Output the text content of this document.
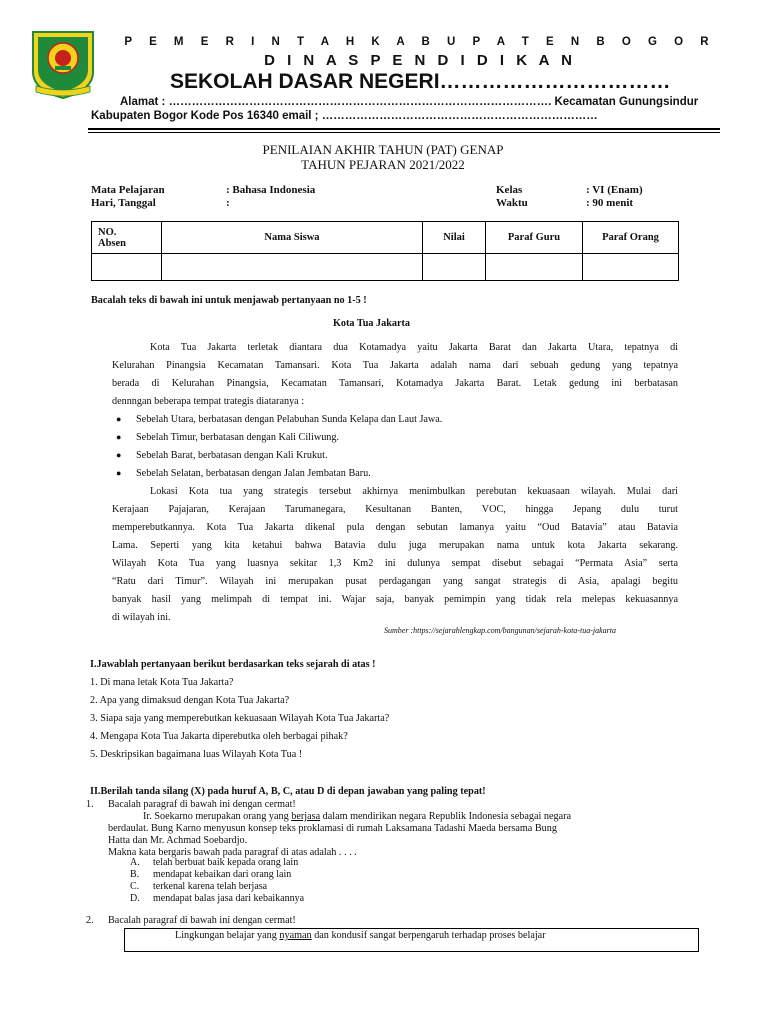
P E M E R I N T A H K A B U P A T E N B O G O R
D I N A S P E N D I D I K A N
SEKOLAH DASAR NEGERI……………………………
Alamat : ………………………………………………………………………………………. Kecamatan Gunungsindur
Kabupaten Bogor Kode Pos 16340 email ; ………………………………………………………………
PENILAIAN AKHIR TAHUN (PAT) GENAP
TAHUN PEJARAN 2021/2022
Mata Pelajaran	: Bahasa Indonesia
Hari, Tanggal	:
Kelas	: VI (Enam)
Waktu	: 90 menit
NO.
Absen	Nama Siswa	Nilai	Paraf Guru	Paraf Orang

Bacalah teks di bawah ini untuk menjawab pertanyaan no 1-5 !
Kota Tua Jakarta
Kota Tua Jakarta terletak diantara dua Kotamadya yaitu Jakarta Barat dan Jakarta Utara, tepatnya di
Kelurahan Pinangsia Kecamatan Tamansari. Kota Tua Jakarta adalah nama dari sebuah gedung yang tepatnya
berada di Kelurahan Pinangsia, Kecamatan Tamansari, Kotamadya Jakarta Barat. Letak gedung ini berbatasan
dennngan beberapa tempat trategis diataranya :
● Sebelah Utara, berbatasan dengan Pelabuhan Sunda Kelapa dan Laut Jawa.
● Sebelah Timur, berbatasan dengan Kali Ciliwung.
● Sebelah Barat, berbatasan dengan Kali Krukut.
● Sebelah Selatan, berbatasan dengan Jalan Jembatan Baru.
Lokasi Kota tua yang strategis tersebut akhirnya menimbulkan perebutan kekuasaan wilayah. Mulai dari
Kerajaan Pajajaran, Kerajaan Tarumanegara, Kesultanan Banten, VOC, hingga Jepang dulu turut
memperebutkannya. Kota Tua Jakarta dikenal pula dengan sebutan lamanya yaitu “Oud Batavia” atau Batavia
Lama. Seperti yang kita ketahui bahwa Batavia dulu juga merupakan nama untuk kota Jakarta sekarang.
Wilayah Kota Tua yang luasnya sekitar 1,3 Km2 ini dulunya sempat disebut sebagai “Permata Asia” serta
“Ratu dari Timur”. Wilayah ini merupakan pusat perdagangan yang sangat strategis di Asia, apalagi begitu
banyak hasil yang melimpah di tempat ini. Wajar saja, banyak pemimpin yang tidak rela melepas kekuasannya
di wilayah ini.
Sumber :https://sejarahlengkap.com/bangunan/sejarah-kota-tua-jakarta
I.Jawablah pertanyaan berikut berdasarkan teks sejarah di atas !
1. Di mana letak Kota Tua Jakarta?
2. Apa yang dimaksud dengan Kota Tua Jakarta?
3. Siapa saja yang memperebutkan kekuasaan Wilayah Kota Tua Jakarta?
4. Mengapa Kota Tua Jakarta diperebutka oleh berbagai pihak?
5. Deskripsikan bagaimana luas Wilayah Kota Tua !
II.Berilah tanda silang (X) pada huruf A, B, C, atau D di depan jawaban yang paling tepat!
1. Bacalah paragraf di bawah ini dengan cermat!
Ir. Soekarno merupakan orang yang berjasa dalam mendirikan negara Republik Indonesia sebagai negara
berdaulat. Bung Karno menyusun konsep teks proklamasi di rumah Laksamana Tadashi Maeda bersama Bung
Hatta dan Mr. Achmad Soebardjo.
Makna kata bergaris bawah pada paragraf di atas adalah . . . .
A. telah berbuat baik kepada orang lain
B. mendapat kebaikan dari orang lain
C. terkenal karena telah berjasa
D. mendapat balas jasa dari kebaikannya
2. Bacalah paragraf di bawah ini dengan cermat!
Lingkungan belajar yang nyaman dan kondusif sangat berpengaruh terhadap proses belajar
